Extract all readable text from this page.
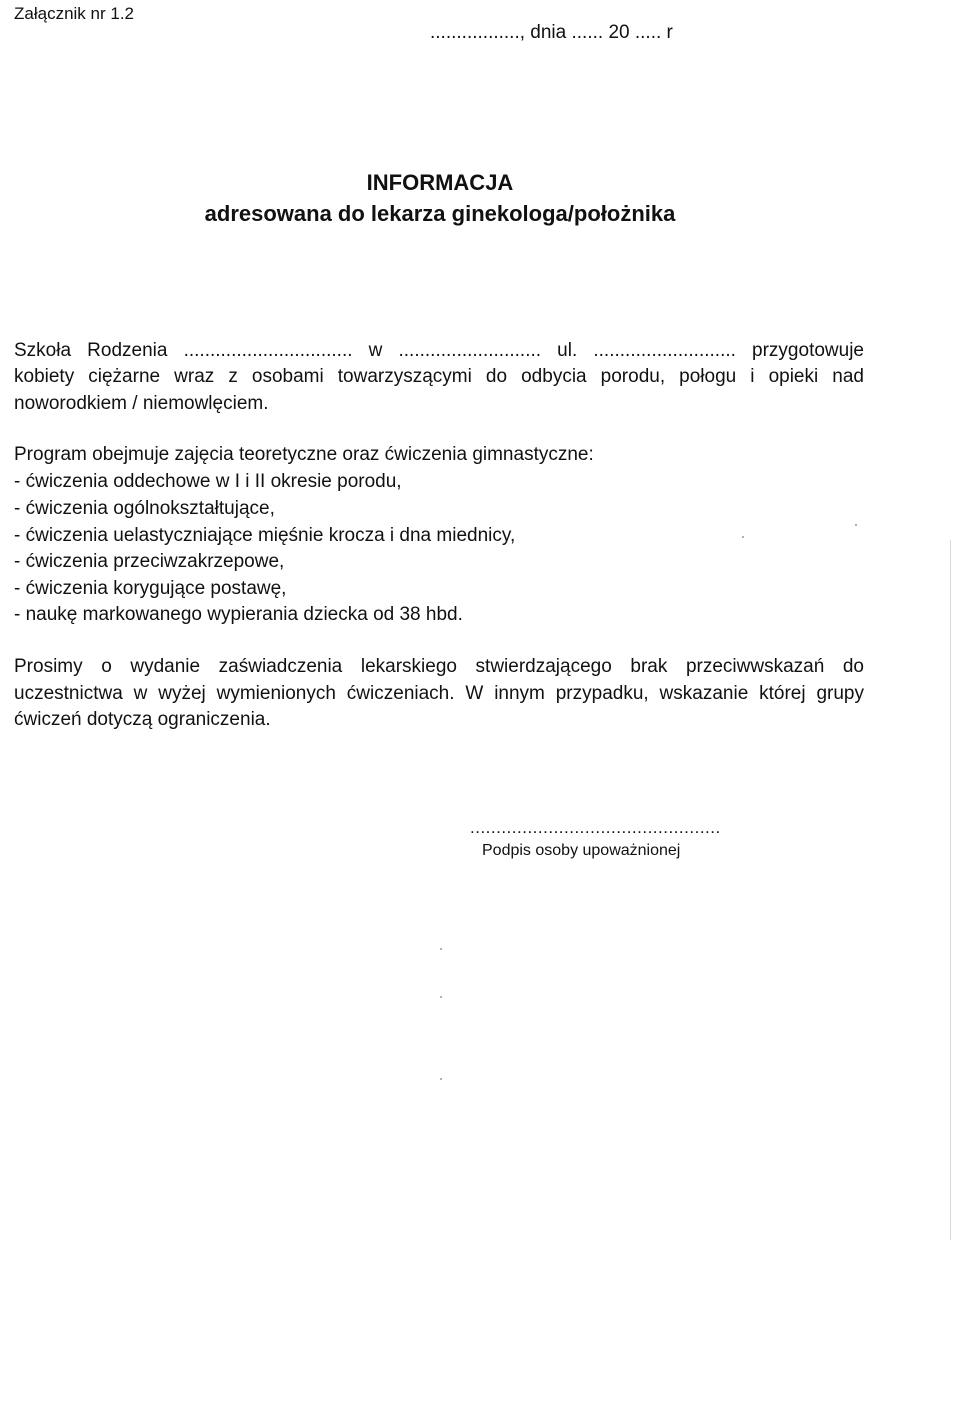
Załącznik nr 1.2

................., dnia ...... 20 ..... r

INFORMACJA
adresowana do lekarza ginekologa/położnika

Szkoła Rodzenia ................................ w ........................... ul. ........................... przygotowuje

kobiety ciężarne wraz z osobami towarzyszącymi do odbycia porodu, połogu i opieki nad

noworodkiem / niemowlęciem.

Program obejmuje zajęcia teoretyczne oraz ćwiczenia gimnastyczne:

- ćwiczenia oddechowe w I i II okresie porodu,

- ćwiczenia ogólnokształtujące,

- ćwiczenia uelastyczniające mięśnie krocza i dna miednicy,

- ćwiczenia przeciwzakrzepowe,

- ćwiczenia korygujące postawę,

- naukę markowanego wypierania dziecka od 38 hbd.

Prosimy o wydanie zaświadczenia lekarskiego stwierdzającego brak przeciwwskazań do

uczestnictwa w wyżej wymienionych ćwiczeniach. W innym przypadku, wskazanie której grupy

ćwiczeń dotyczą ograniczenia.

................................................

Podpis osoby upoważnionej
